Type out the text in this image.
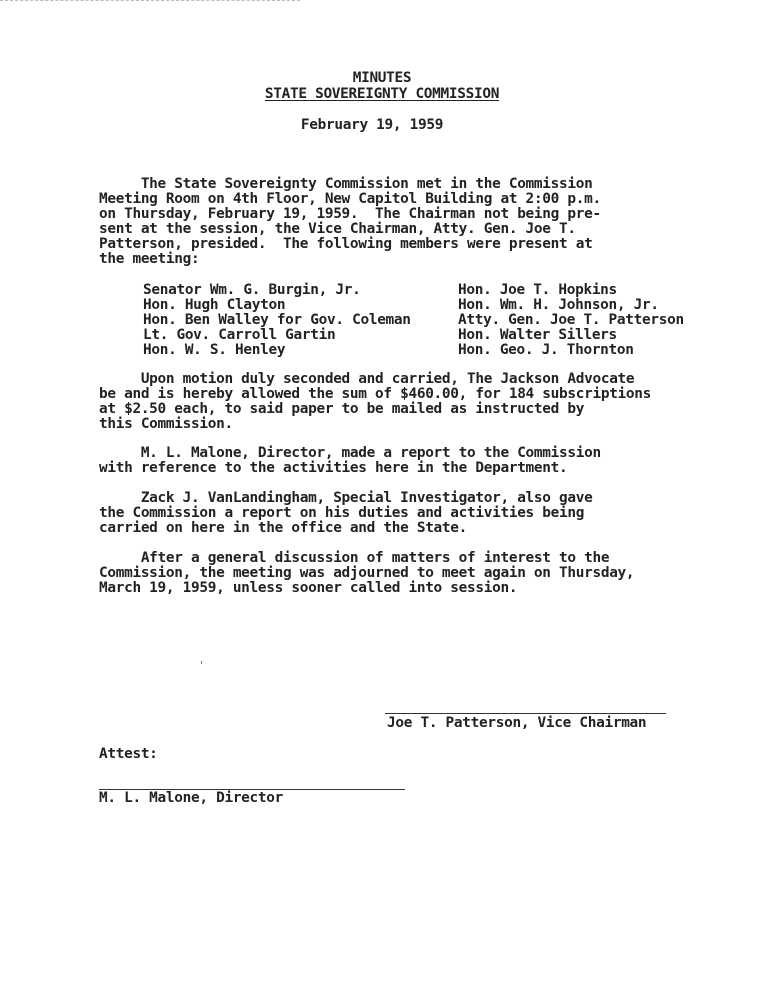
MINUTES
STATE SOVEREIGNTY COMMISSION
February 19, 1959
The State Sovereignty Commission met in the Commission
Meeting Room on 4th Floor, New Capitol Building at 2:00 p.m.
on Thursday, February 19, 1959.  The Chairman not being pre-
sent at the session, the Vice Chairman, Atty. Gen. Joe T.
Patterson, presided.  The following members were present at
the meeting:
Senator Wm. G. Burgin, Jr.
Hon. Hugh Clayton
Hon. Ben Walley for Gov. Coleman
Lt. Gov. Carroll Gartin
Hon. W. S. Henley
Hon. Joe T. Hopkins
Hon. Wm. H. Johnson, Jr.
Atty. Gen. Joe T. Patterson
Hon. Walter Sillers
Hon. Geo. J. Thornton
Upon motion duly seconded and carried, The Jackson Advocate
be and is hereby allowed the sum of $460.00, for 184 subscriptions
at $2.50 each, to said paper to be mailed as instructed by
this Commission.
M. L. Malone, Director, made a report to the Commission
with reference to the activities here in the Department.
Zack J. VanLandingham, Special Investigator, also gave
the Commission a report on his duties and activities being
carried on here in the office and the State.
After a general discussion of matters of interest to the
Commission, the meeting was adjourned to meet again on Thursday,
March 19, 1959, unless sooner called into session.
Joe T. Patterson, Vice Chairman
Attest:
M. L. Malone, Director
